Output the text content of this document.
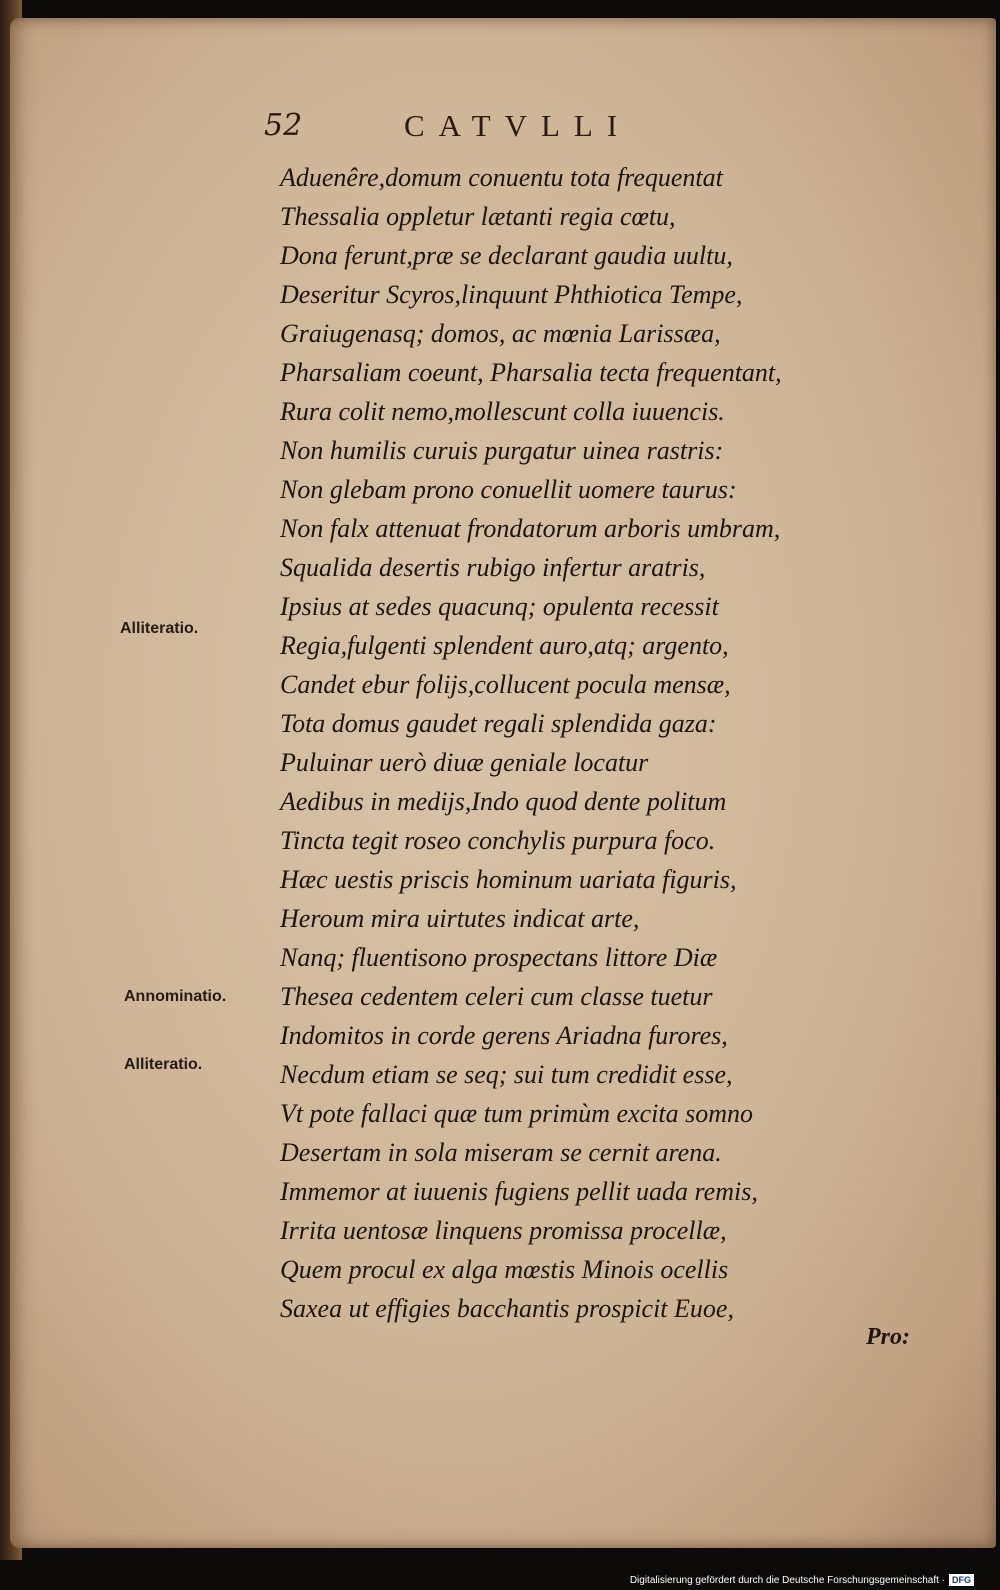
52	CATVLLI
Aduenêre,domum conuentu tota frequentat
Thessalia oppletur lætanti regia cœtu,
Dona ferunt,præ se declarant gaudia uultu,
Deseritur Scyros,linquunt Phthiotica Tempe,
Graiugenasq; domos, ac mœnia Larissæa,
Pharsaliam coeunt, Pharsalia tecta frequentant,
Rura colit nemo,mollescunt colla iuuencis.
Non humilis curuis purgatur uinea rastris:
Non glebam prono conuellit uomere taurus:
Non falx attenuat frondatorum arboris umbram,
Squalida desertis rubigo infertur aratris,
Ipsius at sedes quacunq; opulenta recessit
Regia,fulgenti splendent auro,atq; argento,
Candet ebur folijs,collucent pocula mensæ,
Tota domus gaudet regali splendida gaza:
Puluinar uerò diuæ geniale locatur
Aedibus in medijs,Indo quod dente politum
Tincta tegit roseo conchylis purpura foco.
Hæc uestis priscis hominum uariata figuris,
Heroum mira uirtutes indicat arte,
Nanq; fluentisono prospectans littore Diæ
Thesea cedentem celeri cum classe tuetur
Indomitos in corde gerens Ariadna furores,
Necdum etiam se seq; sui tum credidit esse,
Vt pote fallaci quæ tum primùm excita somno
Desertam in sola miseram se cernit arena.
Immemor at iuuenis fugiens pellit uada remis,
Irrita uentosæ linquens promissa procellæ,
Quem procul ex alga mœstis Minois ocellis
Saxea ut effigies bacchantis prospicit Euoe,
Alliteratio.
Annominatio.
Alliteratio.
Pro:
Digitalisierung gefördert durch die Deutsche Forschungsgemeinschaft · DFG
